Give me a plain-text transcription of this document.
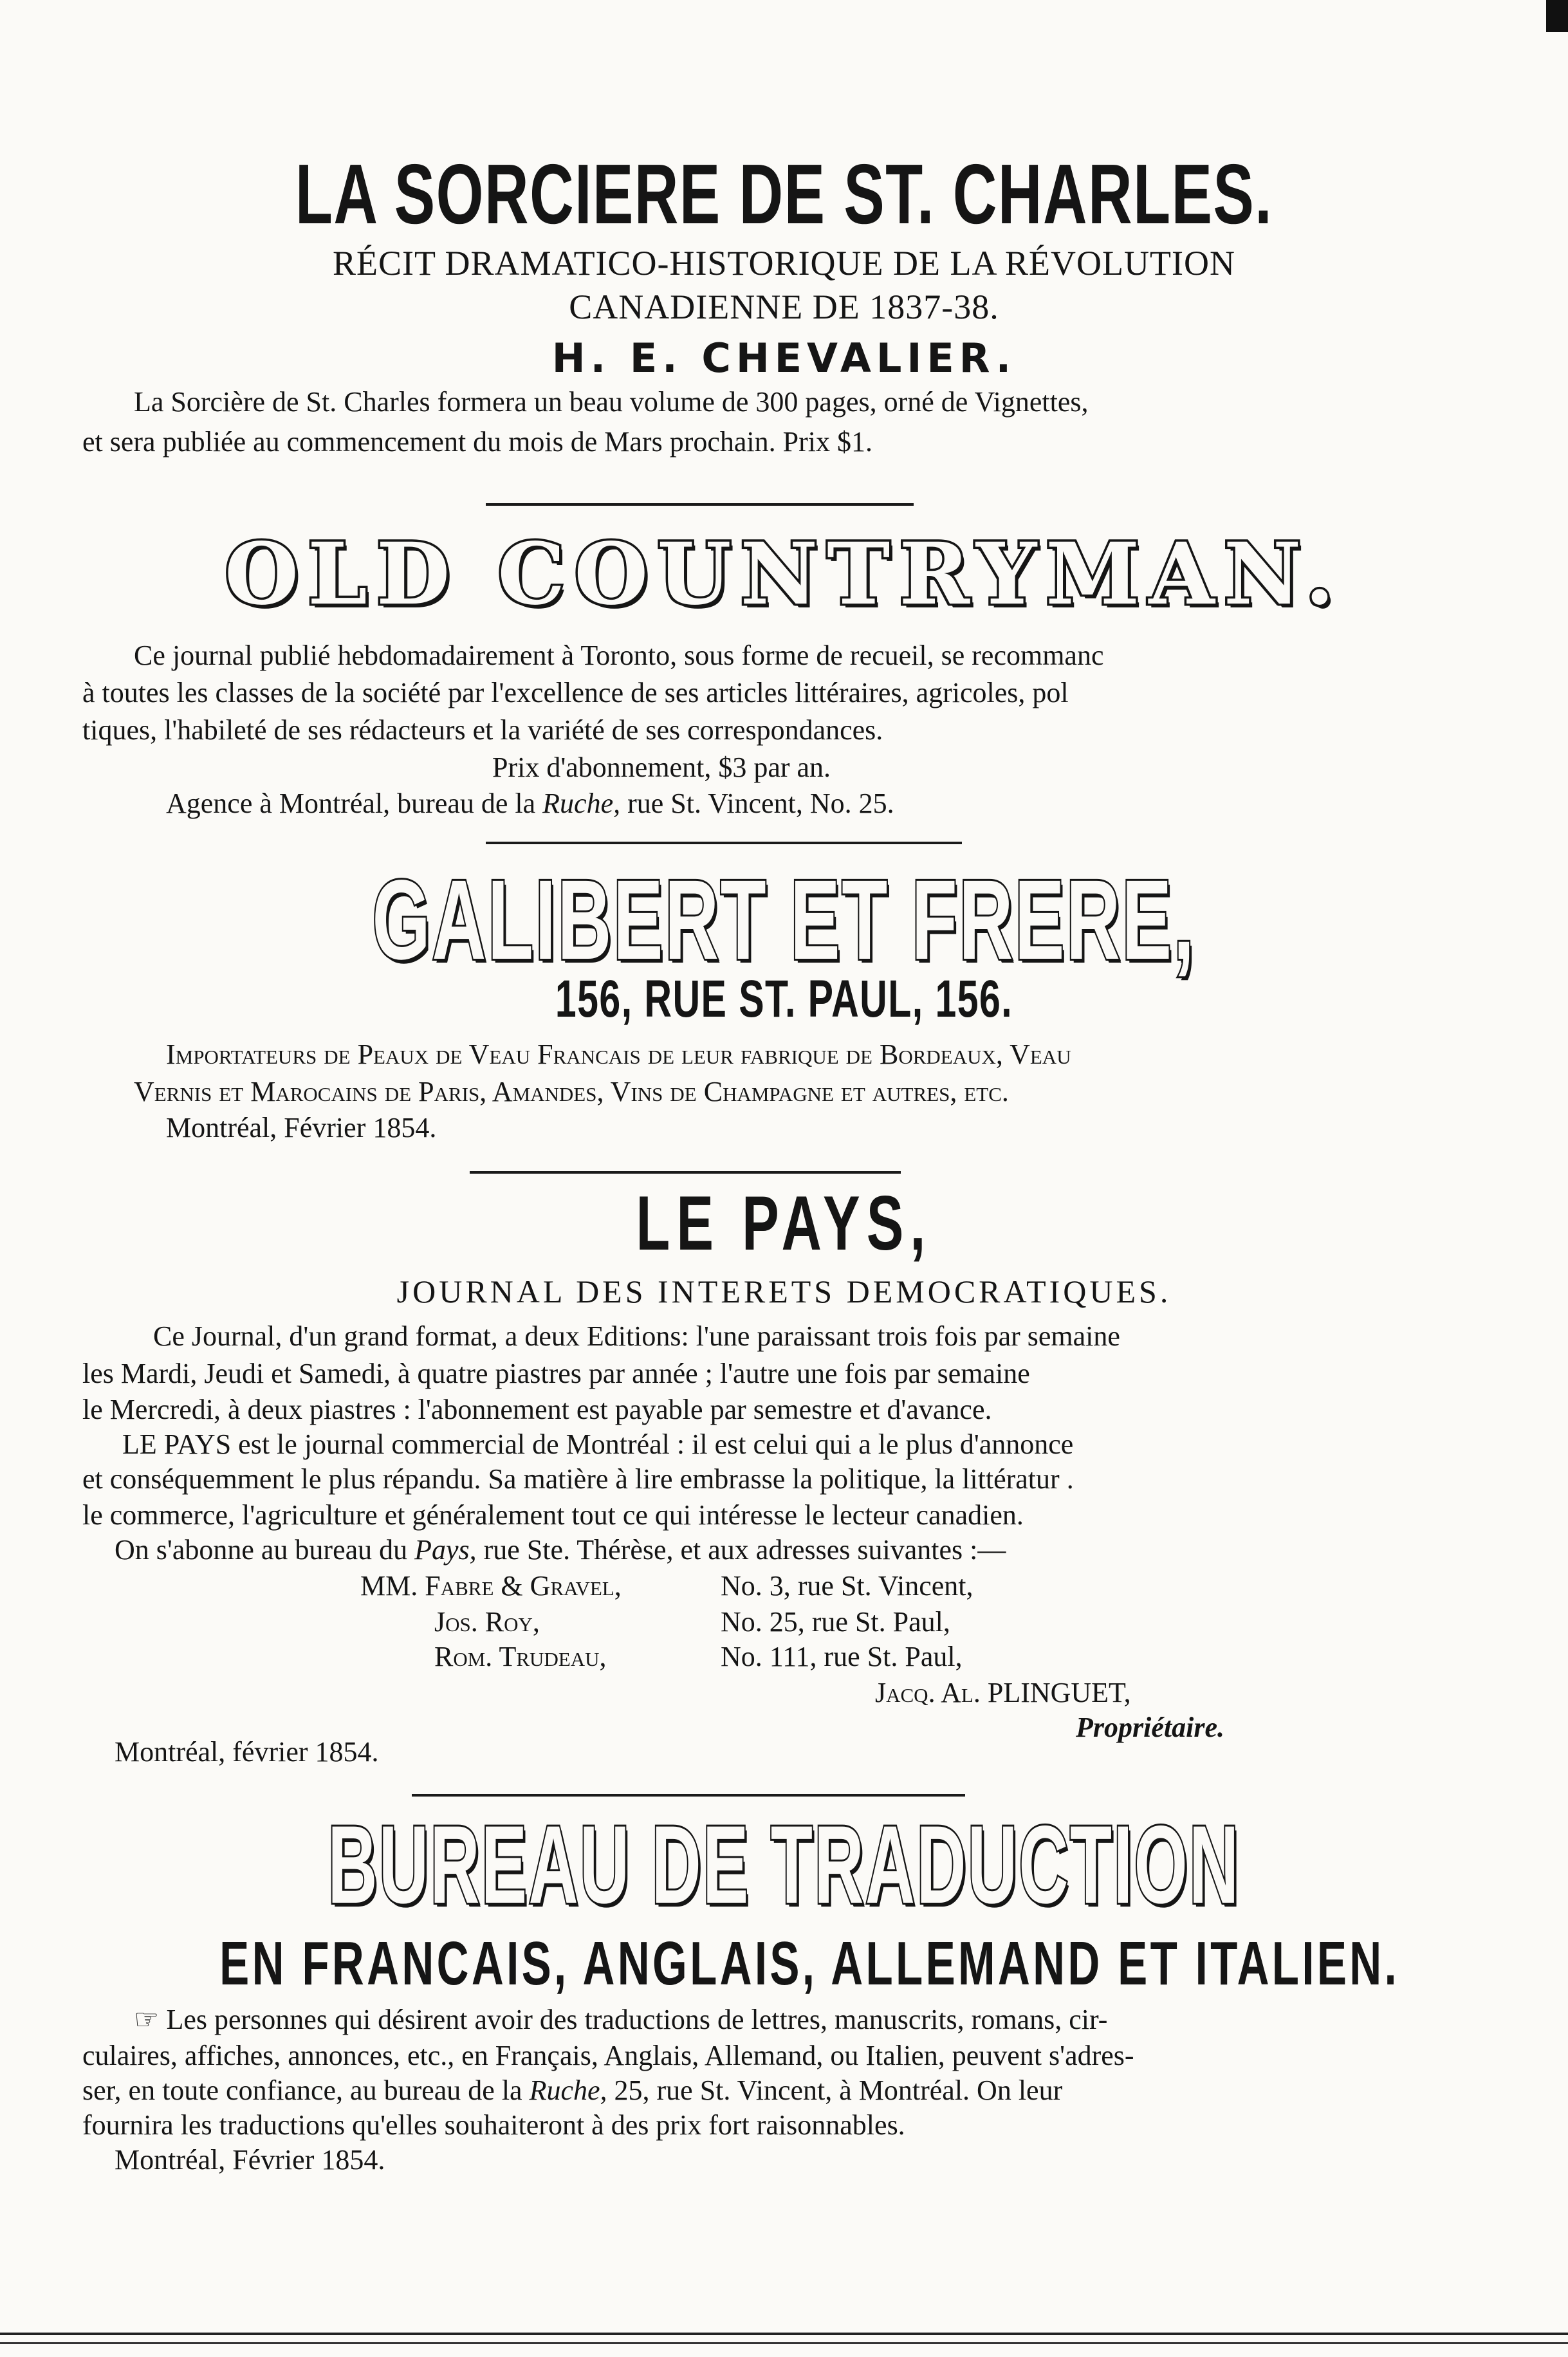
LA SORCIERE DE ST. CHARLES.
RÉCIT DRAMATICO-HISTORIQUE DE LA RÉVOLUTION
CANADIENNE DE 1837-38.
H. E. CHEVALIER.
La Sorcière de St. Charles formera un beau volume de 300 pages, orné de Vignettes,
et sera publiée au commencement du mois de Mars prochain. Prix $1.
OLD COUNTRYMAN.
Ce journal publié hebdomadairement à Toronto, sous forme de recueil, se recommanc
à toutes les classes de la société par l'excellence de ses articles littéraires, agricoles, pol
tiques, l'habileté de ses rédacteurs et la variété de ses correspondances.
Prix d'abonnement, $3 par an.
Agence à Montréal, bureau de la Ruche, rue St. Vincent, No. 25.
GALIBERT ET FRERE,
156, RUE ST. PAUL, 156.
Importateurs de Peaux de Veau Francais de leur fabrique de Bordeaux, Veau
Vernis et Marocains de Paris, Amandes, Vins de Champagne et autres, etc.
Montréal, Février 1854.
LE PAYS,
JOURNAL DES INTERETS DEMOCRATIQUES.
Ce Journal, d'un grand format, a deux Editions: l'une paraissant trois fois par semaine
les Mardi, Jeudi et Samedi, à quatre piastres par année ; l'autre une fois par semaine
le Mercredi, à deux piastres : l'abonnement est payable par semestre et d'avance.
LE PAYS est le journal commercial de Montréal : il est celui qui a le plus d'annonce
et conséquemment le plus répandu. Sa matière à lire embrasse la politique, la littératur .
le commerce, l'agriculture et généralement tout ce qui intéresse le lecteur canadien.
On s'abonne au bureau du Pays, rue Ste. Thérèse, et aux adresses suivantes :—
MM. Fabre & Gravel,	No. 3, rue St. Vincent,
Jos. Roy,	No. 25, rue St. Paul,
Rom. Trudeau,	No. 111, rue St. Paul,
Jacq. Al. PLINGUET,
Propriétaire.
Montréal, février 1854.
BUREAU DE TRADUCTION
EN FRANCAIS, ANGLAIS, ALLEMAND ET ITALIEN.
☞ Les personnes qui désirent avoir des traductions de lettres, manuscrits, romans, cir-
culaires, affiches, annonces, etc., en Français, Anglais, Allemand, ou Italien, peuvent s'adres-
ser, en toute confiance, au bureau de la Ruche, 25, rue St. Vincent, à Montréal. On leur
fournira les traductions qu'elles souhaiteront à des prix fort raisonnables.
Montréal, Février 1854.
